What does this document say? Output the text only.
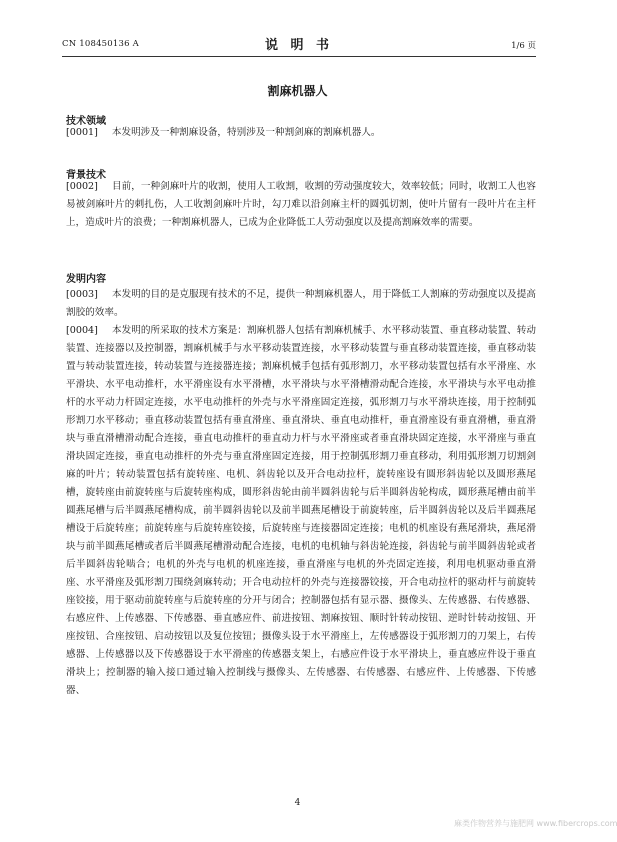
CN 108450136 A	说 明 书	1/6 页
割麻机器人
技术领域
[0001] 本发明涉及一种割麻设备，特别涉及一种割剑麻的割麻机器人。
背景技术
[0002] 目前，一种剑麻叶片的收割，使用人工收割，收割的劳动强度较大，效率较低；同时，收割工人也容易被剑麻叶片的刺扎伤，人工收割剑麻叶片时，勾刀难以沿剑麻主杆的圆弧切割，使叶片留有一段叶片在主杆上，造成叶片的浪费；一种割麻机器人，已成为企业降低工人劳动强度以及提高割麻效率的需要。
发明内容
[0003] 本发明的目的是克服现有技术的不足，提供一种割麻机器人，用于降低工人割麻的劳动强度以及提高割胶的效率。
[0004] 本发明的所采取的技术方案是：割麻机器人包括有割麻机械手、水平移动装置、垂直移动装置、转动装置、连接器以及控制器，割麻机械手与水平移动装置连接，水平移动装置与垂直移动装置连接，垂直移动装置与转动装置连接，转动装置与连接器连接；割麻机械手包括有弧形割刀，水平移动装置包括有水平滑座、水平滑块、水平电动推杆，水平滑座设有水平滑槽，水平滑块与水平滑槽滑动配合连接，水平滑块与水平电动推杆的水平动力杆固定连接，水平电动推杆的外壳与水平滑座固定连接，弧形割刀与水平滑块连接，用于控制弧形割刀水平移动；垂直移动装置包括有垂直滑座、垂直滑块、垂直电动推杆，垂直滑座设有垂直滑槽，垂直滑块与垂直滑槽滑动配合连接，垂直电动推杆的垂直动力杆与水平滑座或者垂直滑块固定连接，水平滑座与垂直滑块固定连接，垂直电动推杆的外壳与垂直滑座固定连接，用于控制弧形割刀垂直移动，利用弧形割刀切割剑麻的叶片；转动装置包括有旋转座、电机、斜齿轮以及开合电动拉杆，旋转座设有圆形斜齿轮以及圆形燕尾槽，旋转座由前旋转座与后旋转座构成，圆形斜齿轮由前半圆斜齿轮与后半圆斜齿轮构成，圆形燕尾槽由前半圆燕尾槽与后半圆燕尾槽构成，前半圆斜齿轮以及前半圆燕尾槽设于前旋转座，后半圆斜齿轮以及后半圆燕尾槽设于后旋转座；前旋转座与后旋转座铰接，后旋转座与连接器固定连接；电机的机座设有燕尾滑块，燕尾滑块与前半圆燕尾槽或者后半圆燕尾槽滑动配合连接，电机的电机轴与斜齿轮连接，斜齿轮与前半圆斜齿轮或者后半圆斜齿轮啮合；电机的外壳与电机的机座连接，垂直滑座与电机的外壳固定连接，利用电机驱动垂直滑座、水平滑座及弧形割刀围绕剑麻转动；开合电动拉杆的外壳与连接器铰接，开合电动拉杆的驱动杆与前旋转座铰接，用于驱动前旋转座与后旋转座的分开与闭合；控制器包括有显示器、摄像头、左传感器、右传感器、右感应件、上传感器、下传感器、垂直感应件、前进按钮、割麻按钮、顺时针转动按钮、逆时针转动按钮、开座按钮、合座按钮、启动按钮以及复位按钮；摄像头设于水平滑座上，左传感器设于弧形割刀的刀架上，右传感器、上传感器以及下传感器设于水平滑座的传感器支架上，右感应件设于水平滑块上，垂直感应件设于垂直滑块上；控制器的输入接口通过输入控制线与摄像头、左传感器、右传感器、右感应件、上传感器、下传感器、
4
麻类作物营养与施肥网 www.fibercrops.com
